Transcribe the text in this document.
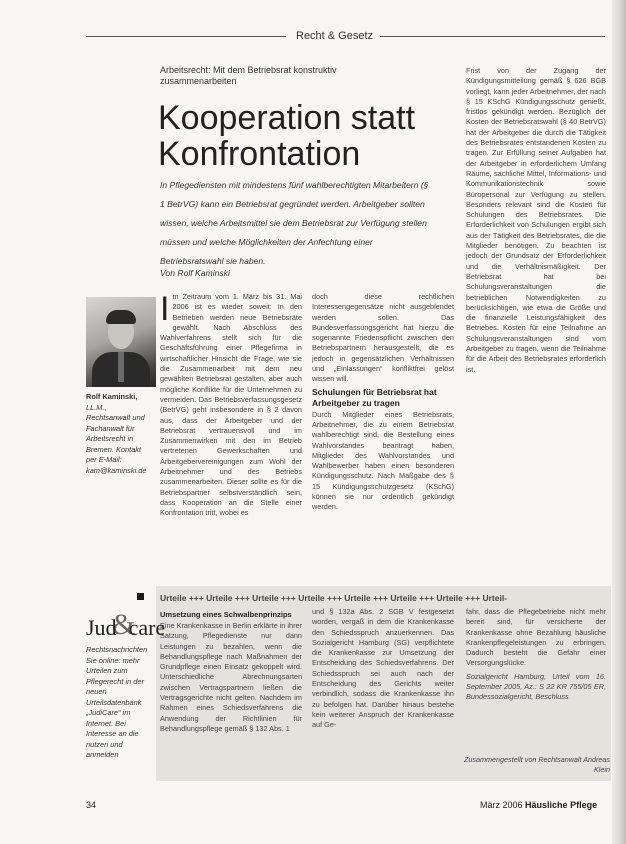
Recht & Gesetz
Arbeitsrecht: Mit dem Betriebsrat konstruktiv zusammenarbeiten
Kooperation statt Konfrontation
In Pflegediensten mit mindestens fünf wahlberechtigten Mitarbeitern (§ 1 BetrVG) kann ein Betriebsrat gegründet werden. Arbeitgeber sollten wissen, welche Arbeitsmittel sie dem Betriebsrat zur Verfügung stellen müssen und welche Möglichkeiten der Anfechtung einer Betriebsratswahl sie haben.
Von Rolf Kaminski
Rolf Kaminski, LL.M., Rechtsanwalt und Fachanwalt für Arbeitsrecht in Bremen. Kontakt per E-Mail: kam@kaminski.de
I m Zeitraum vom 1. März bis 31. Mai 2006 ist es wieder soweit: In den Betrieben werden neue Betriebsräte gewählt. Nach Abschluss des Wahlverfahrens stellt sich für die Geschäftsführung einer Pflegefirma in wirtschaftlicher Hinsicht die Frage, wie sie die Zusammenarbeit mit dem neu gewählten Betriebsrat gestalten, aber auch mögliche Konflikte für die Unternehmen zu vermeiden. Das Betriebsverfassungsgesetz (BetrVG) geht insbesondere in § 2 davon aus, dass der Arbeitgeber und der Betriebsrat vertrauensvoll und im Zusammenwirken mit den im Betrieb vertretenen Gewerkschaften und Arbeitgebervereinigungen zum Wohl der Arbeitnehmer und des Betriebs zusammenarbeiten. Dieser sollte es für die Betriebspartner selbstverständlich sein, dass Kooperation an die Stelle einer Konfrontation tritt, wobei es
doch diese rechtlichen Interessengegensätze nicht ausgeblendet werden sollen. Das Bundesverfassungsgericht hat hierzu die sogenannte Friedenspflicht zwischen den Betriebspartnern herausgestellt, die es jedoch in gegensätzlichen Verhältnissen und „Einlassungen“ konfliktfrei gelöst wissen will.
Schulungen für Betriebsrat hat Arbeitgeber zu tragen
Durch Mitglieder eines Betriebsrats, Arbeitnehmer, die zu einem Betriebsrat wahlberechtigt sind, die Bestellung eines Wahlvorstandes beantragt haben, Mitglieder des Wahlvorstandes und Wahlbewerber haben einen besonderen Kündigungsschutz. Nach Maßgabe des § 15 Kündigungsschutzgesetz (KSchG) können sie nur ordentlich gekündigt werden.
Frist von der Zugang der Kündigungsmitteilung gemäß § 626 BGB vorliegt, kann jeder Arbeitnehmer, der nach § 15 KSchG Kündigungsschutz genießt, fristlos gekündigt werden. Bezüglich der Kosten der Betriebsratswahl (§ 40 BetrVG) hat der Arbeitgeber die durch die Tätigkeit des Betriebsrates entstandenen Kosten zu tragen. Zur Erfüllung seiner Aufgaben hat der Arbeitgeber in erforderlichem Umfang Räume, sachliche Mittel, Informations- und Kommunikationstechnik sowie Büropersonal zur Verfügung zu stellen. Besonders relevant sind die Kosten für Schulungen des Betriebsrates. Die Erforderlichkeit von Schulungen ergibt sich aus der Tätigkeit des Betriebsrates, die die Mitglieder benötigen. Zu beachten ist jedoch der Grundsatz der Erforderlichkeit und die Verhältnismäßigkeit. Der Betriebsrat hat bei Schulungsveranstaltungen die betrieblichen Notwendigkeiten zu berücksichtigen, wie etwa die Größe und die finanzielle Leistungsfähigkeit des Betriebes. Kosten für eine Teilnahme an Schulungsveranstaltungen sind vom Arbeitgeber zu tragen, wenn die Teilnahme für die Arbeit des Betriebsrates erforderlich ist.
Urteile +++ Urteile +++ Urteile +++ Urteile +++ Urteile +++ Urteile +++ Urteile +++ Urteil-
&
Jud care
Rechtsnachrichten Sie online: mehr Urteilen zum Pflegerecht in der neuen Urteilsdatenbank „JudiCare“ im Internet. Bei Interesse an die nutzen und anmelden
Umsetzung eines Schwalbenprinzips
Eine Krankenkasse in Berlin erklärte in ihrer Satzung, Pflegedienste nur dann Leistungen zu bezahlen, wenn die Behandlungspflege nach Maßnahmen der Grundpflege einen Einsatz gekoppelt wird. Unterschiedliche Abrechnungsarten zwischen Vertragspartnern ließen die Vertragsgerichte nicht gelten. Nachdem im Rahmen eines Schiedsverfahrens die Anwendung der Richtlinien für Behandlungspflege gemäß § 132 Abs. 1
und § 132a Abs. 2 SGB V festgesetzt worden, vergaß in dem die Krankenkasse den Schiedsspruch anzuerkennen. Das Sozialgericht Hamburg (SG) verpflichtete die Krankenkasse zur Umsetzung der Entscheidung des Schiedsverfahrens. Der Schiedsspruch sei auch nach der Entscheidung des Gerichts weiter verbindlich, sodass die Krankenkasse ihn zu befolgen hat. Darüber hinaus bestehe kein weiterer Anspruch der Krankenkasse auf Ge-
fahr, dass die Pflegebetriebe nicht mehr bereit sind, für versicherte der Krankenkasse ohne Bezahlung häusliche Krankenpflegeleistungen zu erbringen. Dadurch besteht die Gefahr einer Versorgungslücke.
Sozialgericht Hamburg, Urteil vom 16. September 2005, Az.: S 22 KR 755/05 ER, Bundessozialgericht, Beschluss
Zusammengestellt von Rechtsanwalt Andreas Klein
34	März 2006 Häusliche Pflege
